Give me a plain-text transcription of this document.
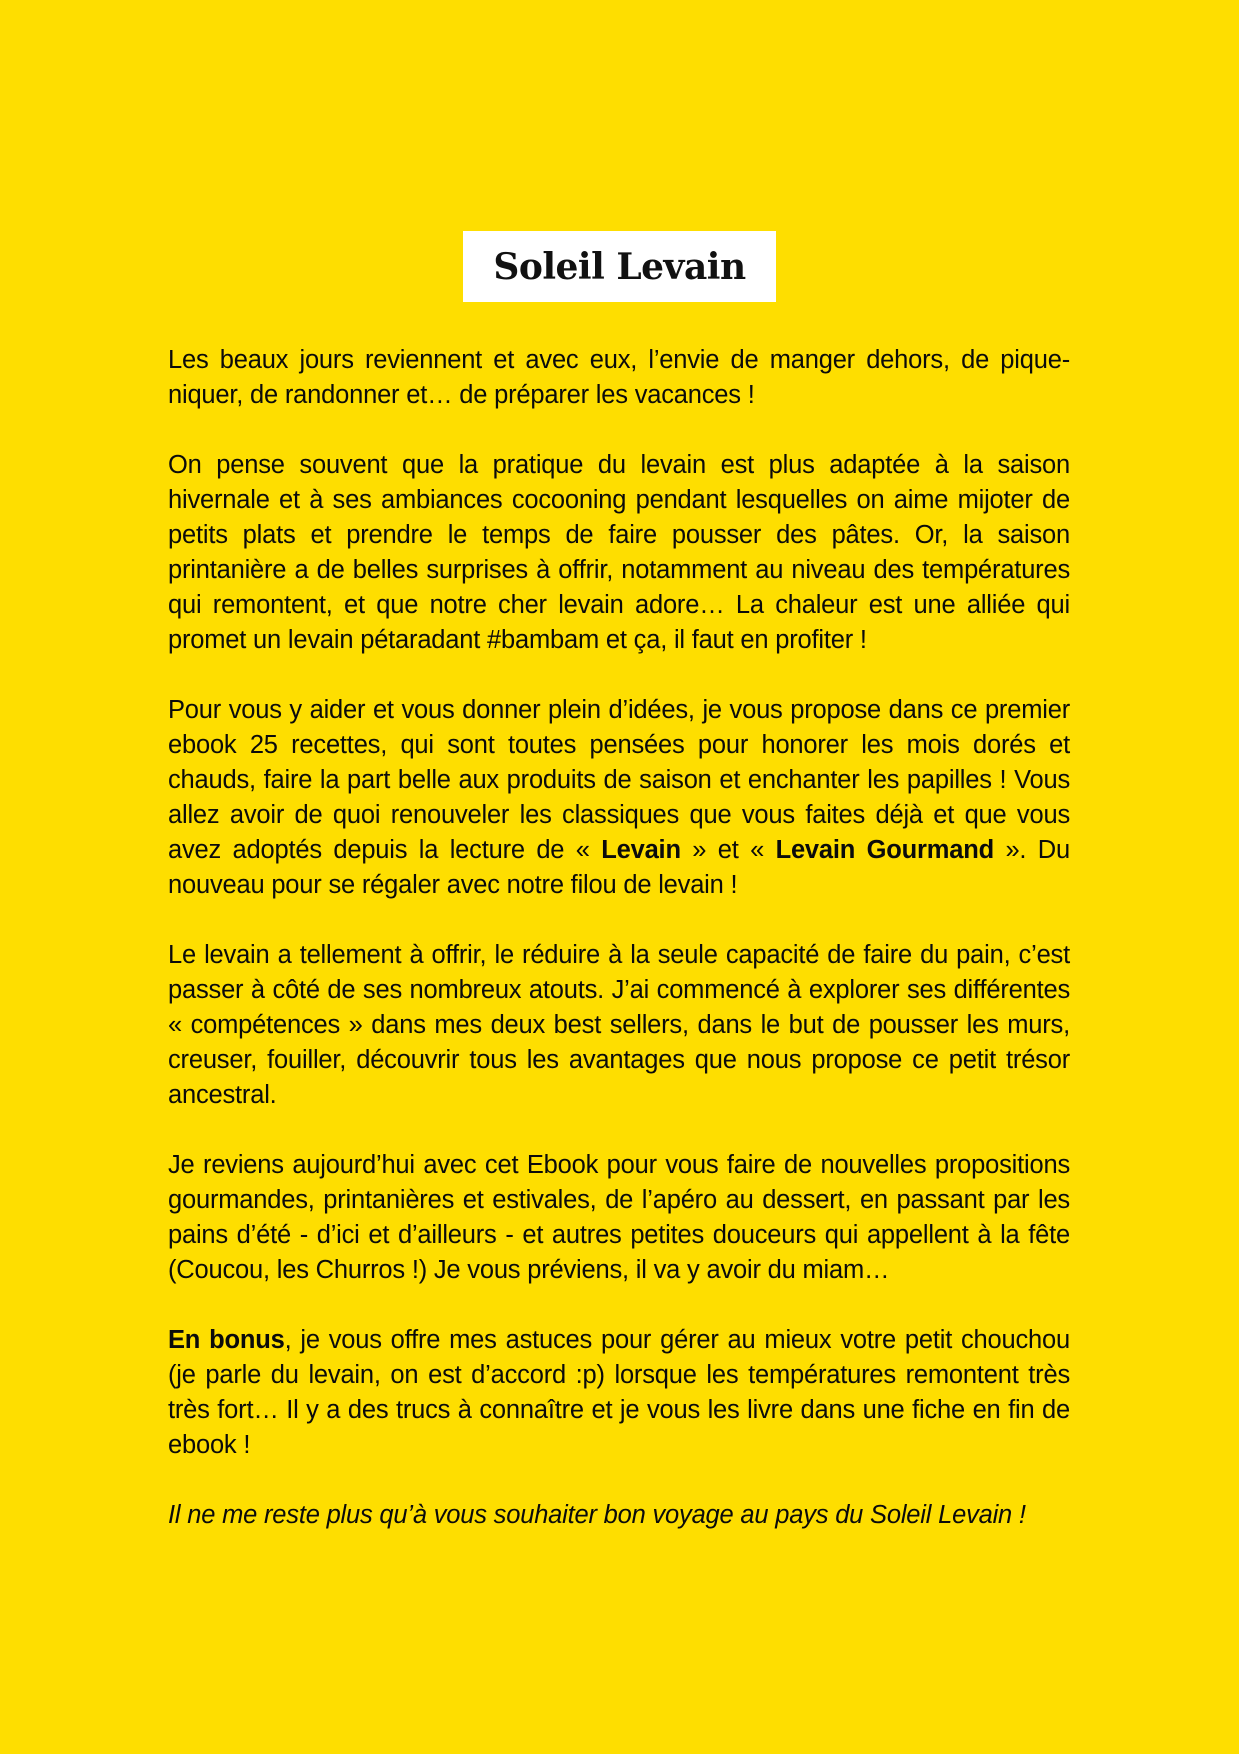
Soleil Levain

Les beaux jours reviennent et avec eux, l’envie de manger dehors, de pique-niquer, de randonner et… de préparer les vacances !

On pense souvent que la pratique du levain est plus adaptée à la saison hivernale et à ses ambiances cocooning pendant lesquelles on aime mijoter de petits plats et prendre le temps de faire pousser des pâtes. Or, la saison printanière a de belles surprises à offrir, notamment au niveau des températures qui remontent, et que notre cher levain adore… La chaleur est une alliée qui promet un levain pétaradant #bambam et ça, il faut en profiter !

Pour vous y aider et vous donner plein d’idées, je vous propose dans ce premier ebook 25 recettes, qui sont toutes pensées pour honorer les mois dorés et chauds, faire la part belle aux produits de saison et enchanter les papilles ! Vous allez avoir de quoi renouveler les classiques que vous faites déjà et que vous avez adoptés depuis la lecture de « Levain » et « Levain Gourmand ». Du nouveau pour se régaler avec notre filou de levain !

Le levain a tellement à offrir, le réduire à la seule capacité de faire du pain, c’est passer à côté de ses nombreux atouts. J’ai commencé à explorer ses différentes « compétences » dans mes deux best sellers, dans le but de pousser les murs, creuser, fouiller, découvrir tous les avantages que nous propose ce petit trésor ancestral.

Je reviens aujourd’hui avec cet Ebook pour vous faire de nouvelles propositions gourmandes, printanières et estivales, de l’apéro au dessert, en passant par les pains d’été - d’ici et d’ailleurs - et autres petites douceurs qui appellent à la fête (Coucou, les Churros !) Je vous préviens, il va y avoir du miam…

En bonus, je vous offre mes astuces pour gérer au mieux votre petit chouchou (je parle du levain, on est d’accord :p) lorsque les températures remontent très très fort… Il y a des trucs à connaître et je vous les livre dans une fiche en fin de ebook !

Il ne me reste plus qu’à vous souhaiter bon voyage au pays du Soleil Levain !
